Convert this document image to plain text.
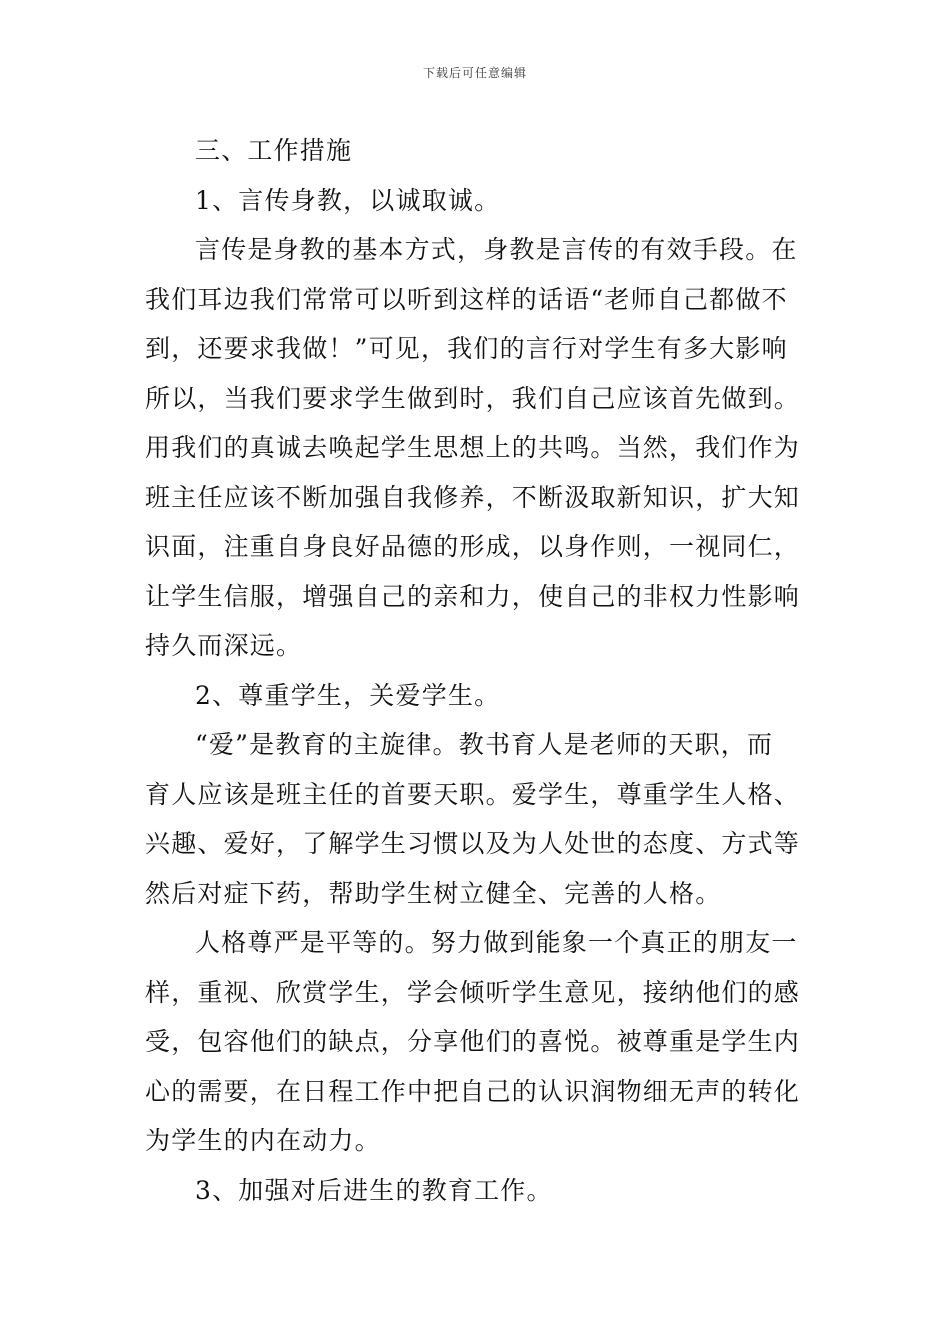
下载后可任意编辑
三、工作措施
1、言传身教，以诚取诚。
言传是身教的基本方式，身教是言传的有效手段。在
我们耳边我们常常可以听到这样的话语“老师自己都做不
到，还要求我做！”可见，我们的言行对学生有多大影响
所以，当我们要求学生做到时，我们自己应该首先做到。
用我们的真诚去唤起学生思想上的共鸣。当然，我们作为
班主任应该不断加强自我修养，不断汲取新知识，扩大知
识面，注重自身良好品德的形成，以身作则，一视同仁，
让学生信服，增强自己的亲和力，使自己的非权力性影响
持久而深远。
2、尊重学生，关爱学生。
“爱”是教育的主旋律。教书育人是老师的天职，而
育人应该是班主任的首要天职。爱学生，尊重学生人格、
兴趣、爱好，了解学生习惯以及为人处世的态度、方式等
然后对症下药，帮助学生树立健全、完善的人格。
人格尊严是平等的。努力做到能象一个真正的朋友一
样，重视、欣赏学生，学会倾听学生意见，接纳他们的感
受，包容他们的缺点，分享他们的喜悦。被尊重是学生内
心的需要，在日程工作中把自己的认识润物细无声的转化
为学生的内在动力。
3、加强对后进生的教育工作。
